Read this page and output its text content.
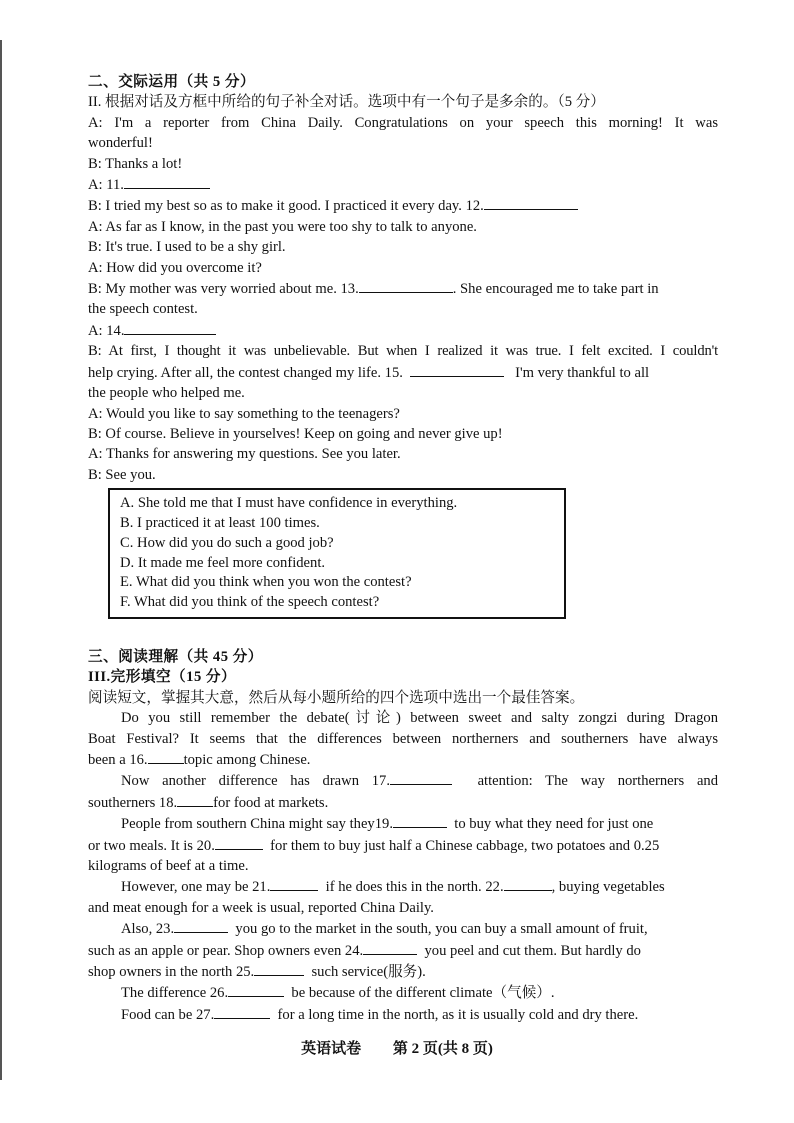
二、交际运用（共 5 分）
II. 根据对话及方框中所给的句子补全对话。选项中有一个句子是多余的。（5 分）
A: I'm a reporter from China Daily. Congratulations on your speech this morning! It was
wonderful!
B: Thanks a lot!
A: 11.
B: I tried my best so as to make it good. I practiced it every day. 12.
A: As far as I know, in the past you were too shy to talk to anyone.
B: It's true. I used to be a shy girl.
A: How did you overcome it?
B: My mother was very worried about me. 13.	. She encouraged me to take part in
the speech contest.
A: 14.
B: At first, I thought it was unbelievable. But when I realized it was true. I felt excited. I couldn't
help crying. After all, the contest changed my life. 15.	I'm very thankful to all
the people who helped me.
A: Would you like to say something to the teenagers?
B: Of course. Believe in yourselves! Keep on going and never give up!
A: Thanks for answering my questions. See you later.
B: See you.
A. She told me that I must have confidence in everything.
B. I practiced it at least 100 times.
C. How did you do such a good job?
D. It made me feel more confident.
E. What did you think when you won the contest?
F. What did you think of the speech contest?
三、阅读理解（共 45 分）
III.完形填空（15 分）
阅读短文，掌握其大意，然后从每小题所给的四个选项中选出一个最佳答案。
Do you still remember the debate(讨论) between sweet and salty zongzi during Dragon
Boat Festival? It seems that the differences between northerners and southerners have always
been a 16. topic among Chinese.
Now another difference has drawn 17.	attention: The way northerners and
southerners 18. for food at markets.
People from southern China might say they19.	to buy what they need for just one
or two meals. It is 20.	for them to buy just half a Chinese cabbage, two potatoes and 0.25
kilograms of beef at a time.
However, one may be 21.	if he does this in the north. 22.	, buying vegetables
and meat enough for a week is usual, reported China Daily.
Also, 23.	you go to the market in the south, you can buy a small amount of fruit,
such as an apple or pear. Shop owners even 24.	you peel and cut them. But hardly do
shop owners in the north 25.	such service(服务).
The difference 26.	be because of the different climate（气候）.
Food can be 27.	for a long time in the north, as it is usually cold and dry there.
英语试卷 第 2 页(共 8 页)
